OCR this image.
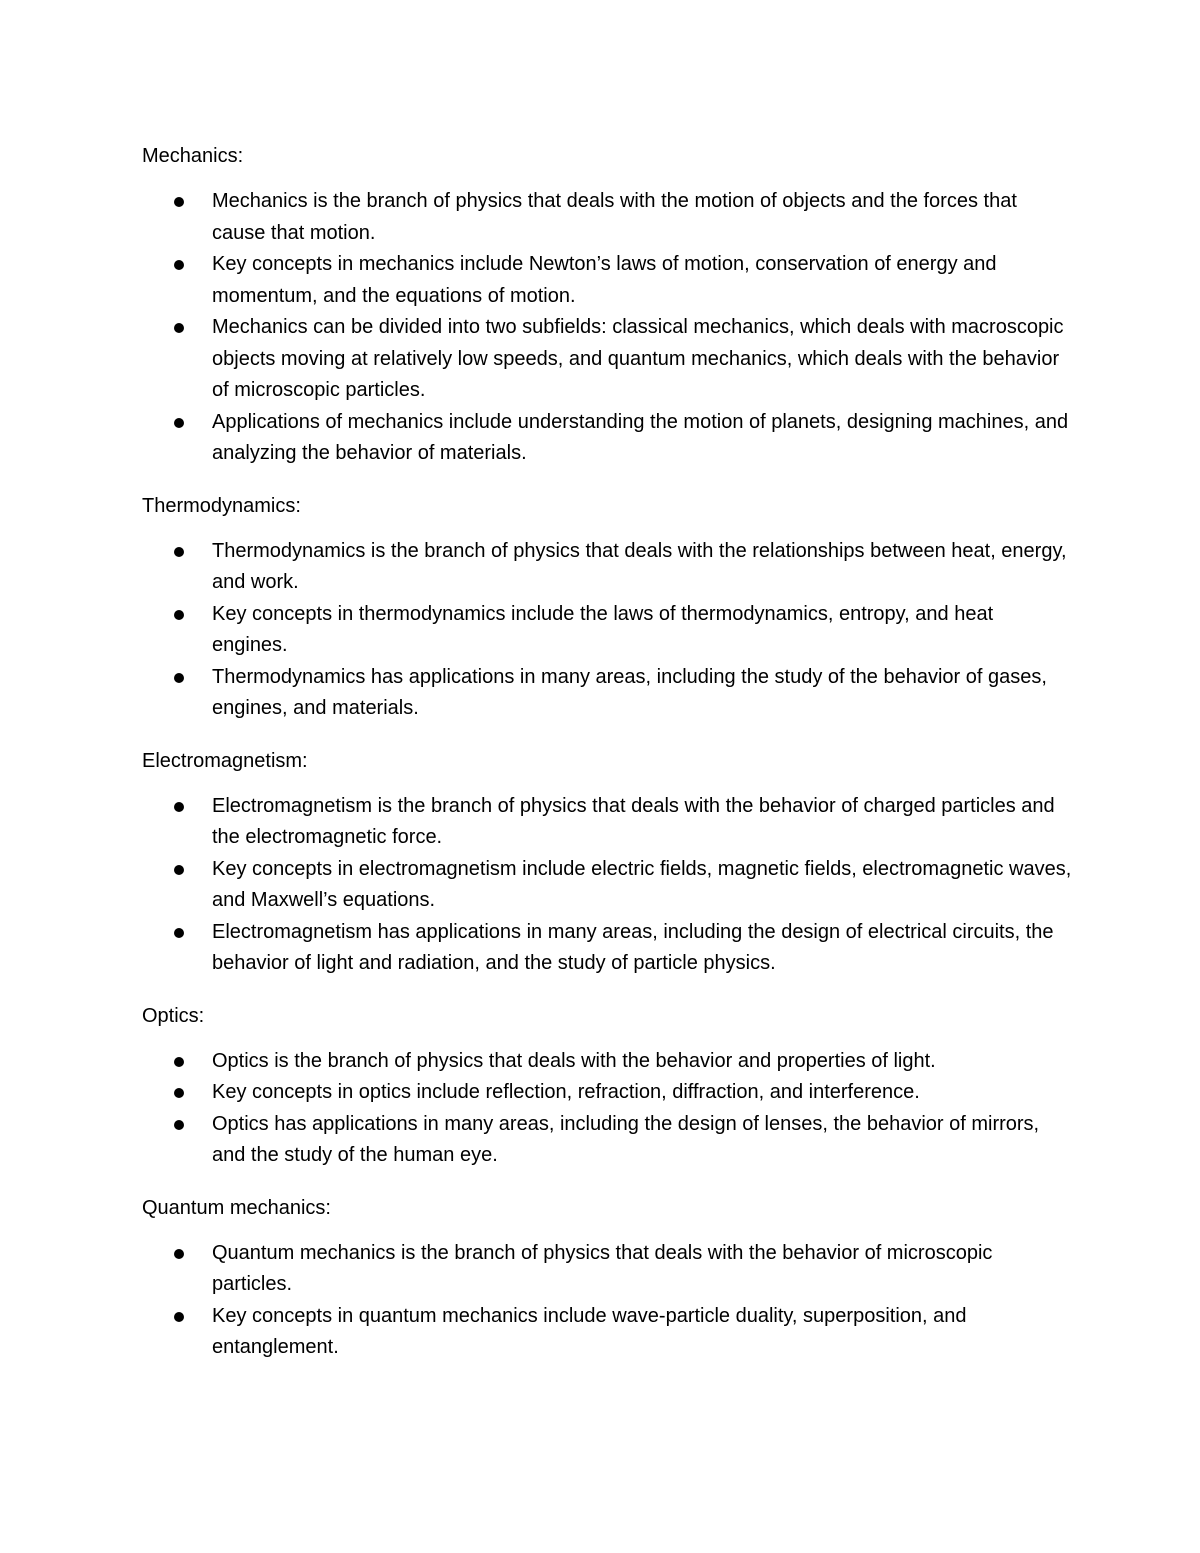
Mechanics:
Mechanics is the branch of physics that deals with the motion of objects and the forces that cause that motion.
Key concepts in mechanics include Newton’s laws of motion, conservation of energy and momentum, and the equations of motion.
Mechanics can be divided into two subfields: classical mechanics, which deals with macroscopic objects moving at relatively low speeds, and quantum mechanics, which deals with the behavior of microscopic particles.
Applications of mechanics include understanding the motion of planets, designing machines, and analyzing the behavior of materials.
Thermodynamics:
Thermodynamics is the branch of physics that deals with the relationships between heat, energy, and work.
Key concepts in thermodynamics include the laws of thermodynamics, entropy, and heat engines.
Thermodynamics has applications in many areas, including the study of the behavior of gases, engines, and materials.
Electromagnetism:
Electromagnetism is the branch of physics that deals with the behavior of charged particles and the electromagnetic force.
Key concepts in electromagnetism include electric fields, magnetic fields, electromagnetic waves, and Maxwell’s equations.
Electromagnetism has applications in many areas, including the design of electrical circuits, the behavior of light and radiation, and the study of particle physics.
Optics:
Optics is the branch of physics that deals with the behavior and properties of light.
Key concepts in optics include reflection, refraction, diffraction, and interference.
Optics has applications in many areas, including the design of lenses, the behavior of mirrors, and the study of the human eye.
Quantum mechanics:
Quantum mechanics is the branch of physics that deals with the behavior of microscopic particles.
Key concepts in quantum mechanics include wave-particle duality, superposition, and entanglement.
